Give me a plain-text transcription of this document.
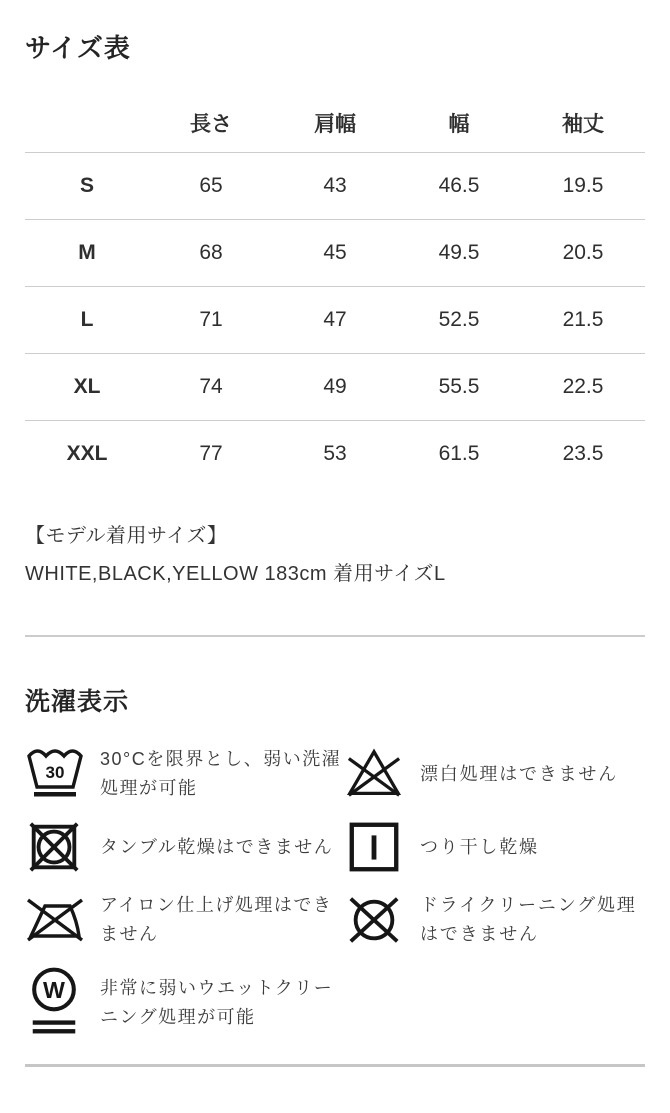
サイズ表
	長さ	肩幅	幅	袖丈
S	65	43	46.5	19.5
M	68	45	49.5	20.5
L	71	47	52.5	21.5
XL	74	49	55.5	22.5
XXL	77	53	61.5	23.5
【モデル着用サイズ】
WHITE,BLACK,YELLOW 183cm 着用サイズL
洗濯表示
30
30°Cを限界とし、弱い洗濯処理が可能
漂白処理はできません
タンブル乾燥はできません	つり干し乾燥
アイロン仕上げ処理はできません
ドライクリーニング処理はできません
W 非常に弱いウエットクリーニング処理が可能
